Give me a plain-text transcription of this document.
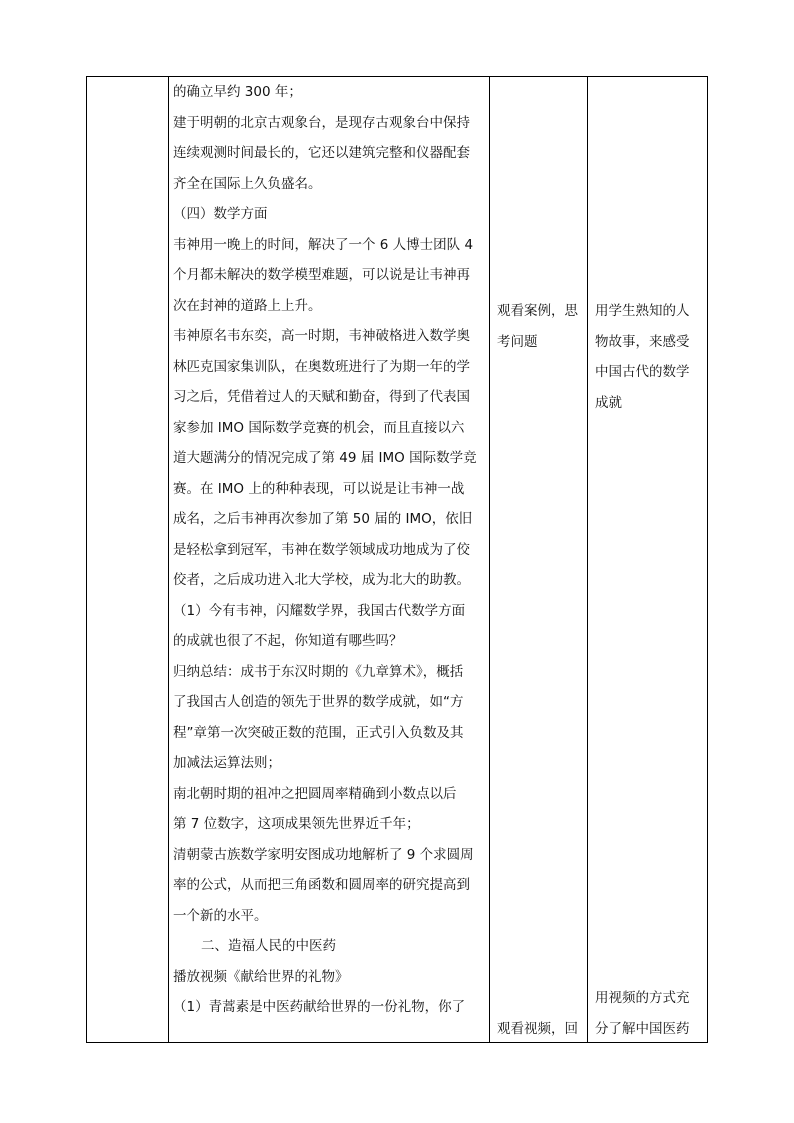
的确立早约 300 年；
建于明朝的北京古观象台，是现存古观象台中保持
连续观测时间最长的，它还以建筑完整和仪器配套
齐全在国际上久负盛名。
（四）数学方面
韦神用一晚上的时间，解决了一个 6 人博士团队 4
个月都未解决的数学模型难题，可以说是让韦神再
次在封神的道路上上升。
韦神原名韦东奕，高一时期，韦神破格进入数学奥
林匹克国家集训队，在奥数班进行了为期一年的学
习之后，凭借着过人的天赋和勤奋，得到了代表国
家参加 IMO 国际数学竞赛的机会，而且直接以六
道大题满分的情况完成了第 49 届 IMO 国际数学竞
赛。在 IMO 上的种种表现，可以说是让韦神一战
成名，之后韦神再次参加了第 50 届的 IMO，依旧
是轻松拿到冠军，韦神在数学领域成功地成为了佼
佼者，之后成功进入北大学校，成为北大的助教。
（1）今有韦神，闪耀数学界，我国古代数学方面
的成就也很了不起，你知道有哪些吗？
归纳总结：成书于东汉时期的《九章算术》，概括
了我国古人创造的领先于世界的数学成就，如“方
程”章第一次突破正数的范围，正式引入负数及其
加减法运算法则；
南北朝时期的祖冲之把圆周率精确到小数点以后
第 7 位数字，这项成果领先世界近千年；
清朝蒙古族数学家明安图成功地解析了 9 个求圆周
率的公式，从而把三角函数和圆周率的研究提高到
一个新的水平。
二、造福人民的中医药
播放视频《献给世界的礼物》
（1）青蒿素是中医药献给世界的一份礼物，你了
观看案例，思
考问题
观看视频，回
用学生熟知的人
物故事，来感受
中国古代的数学
成就
用视频的方式充
分了解中国医药
